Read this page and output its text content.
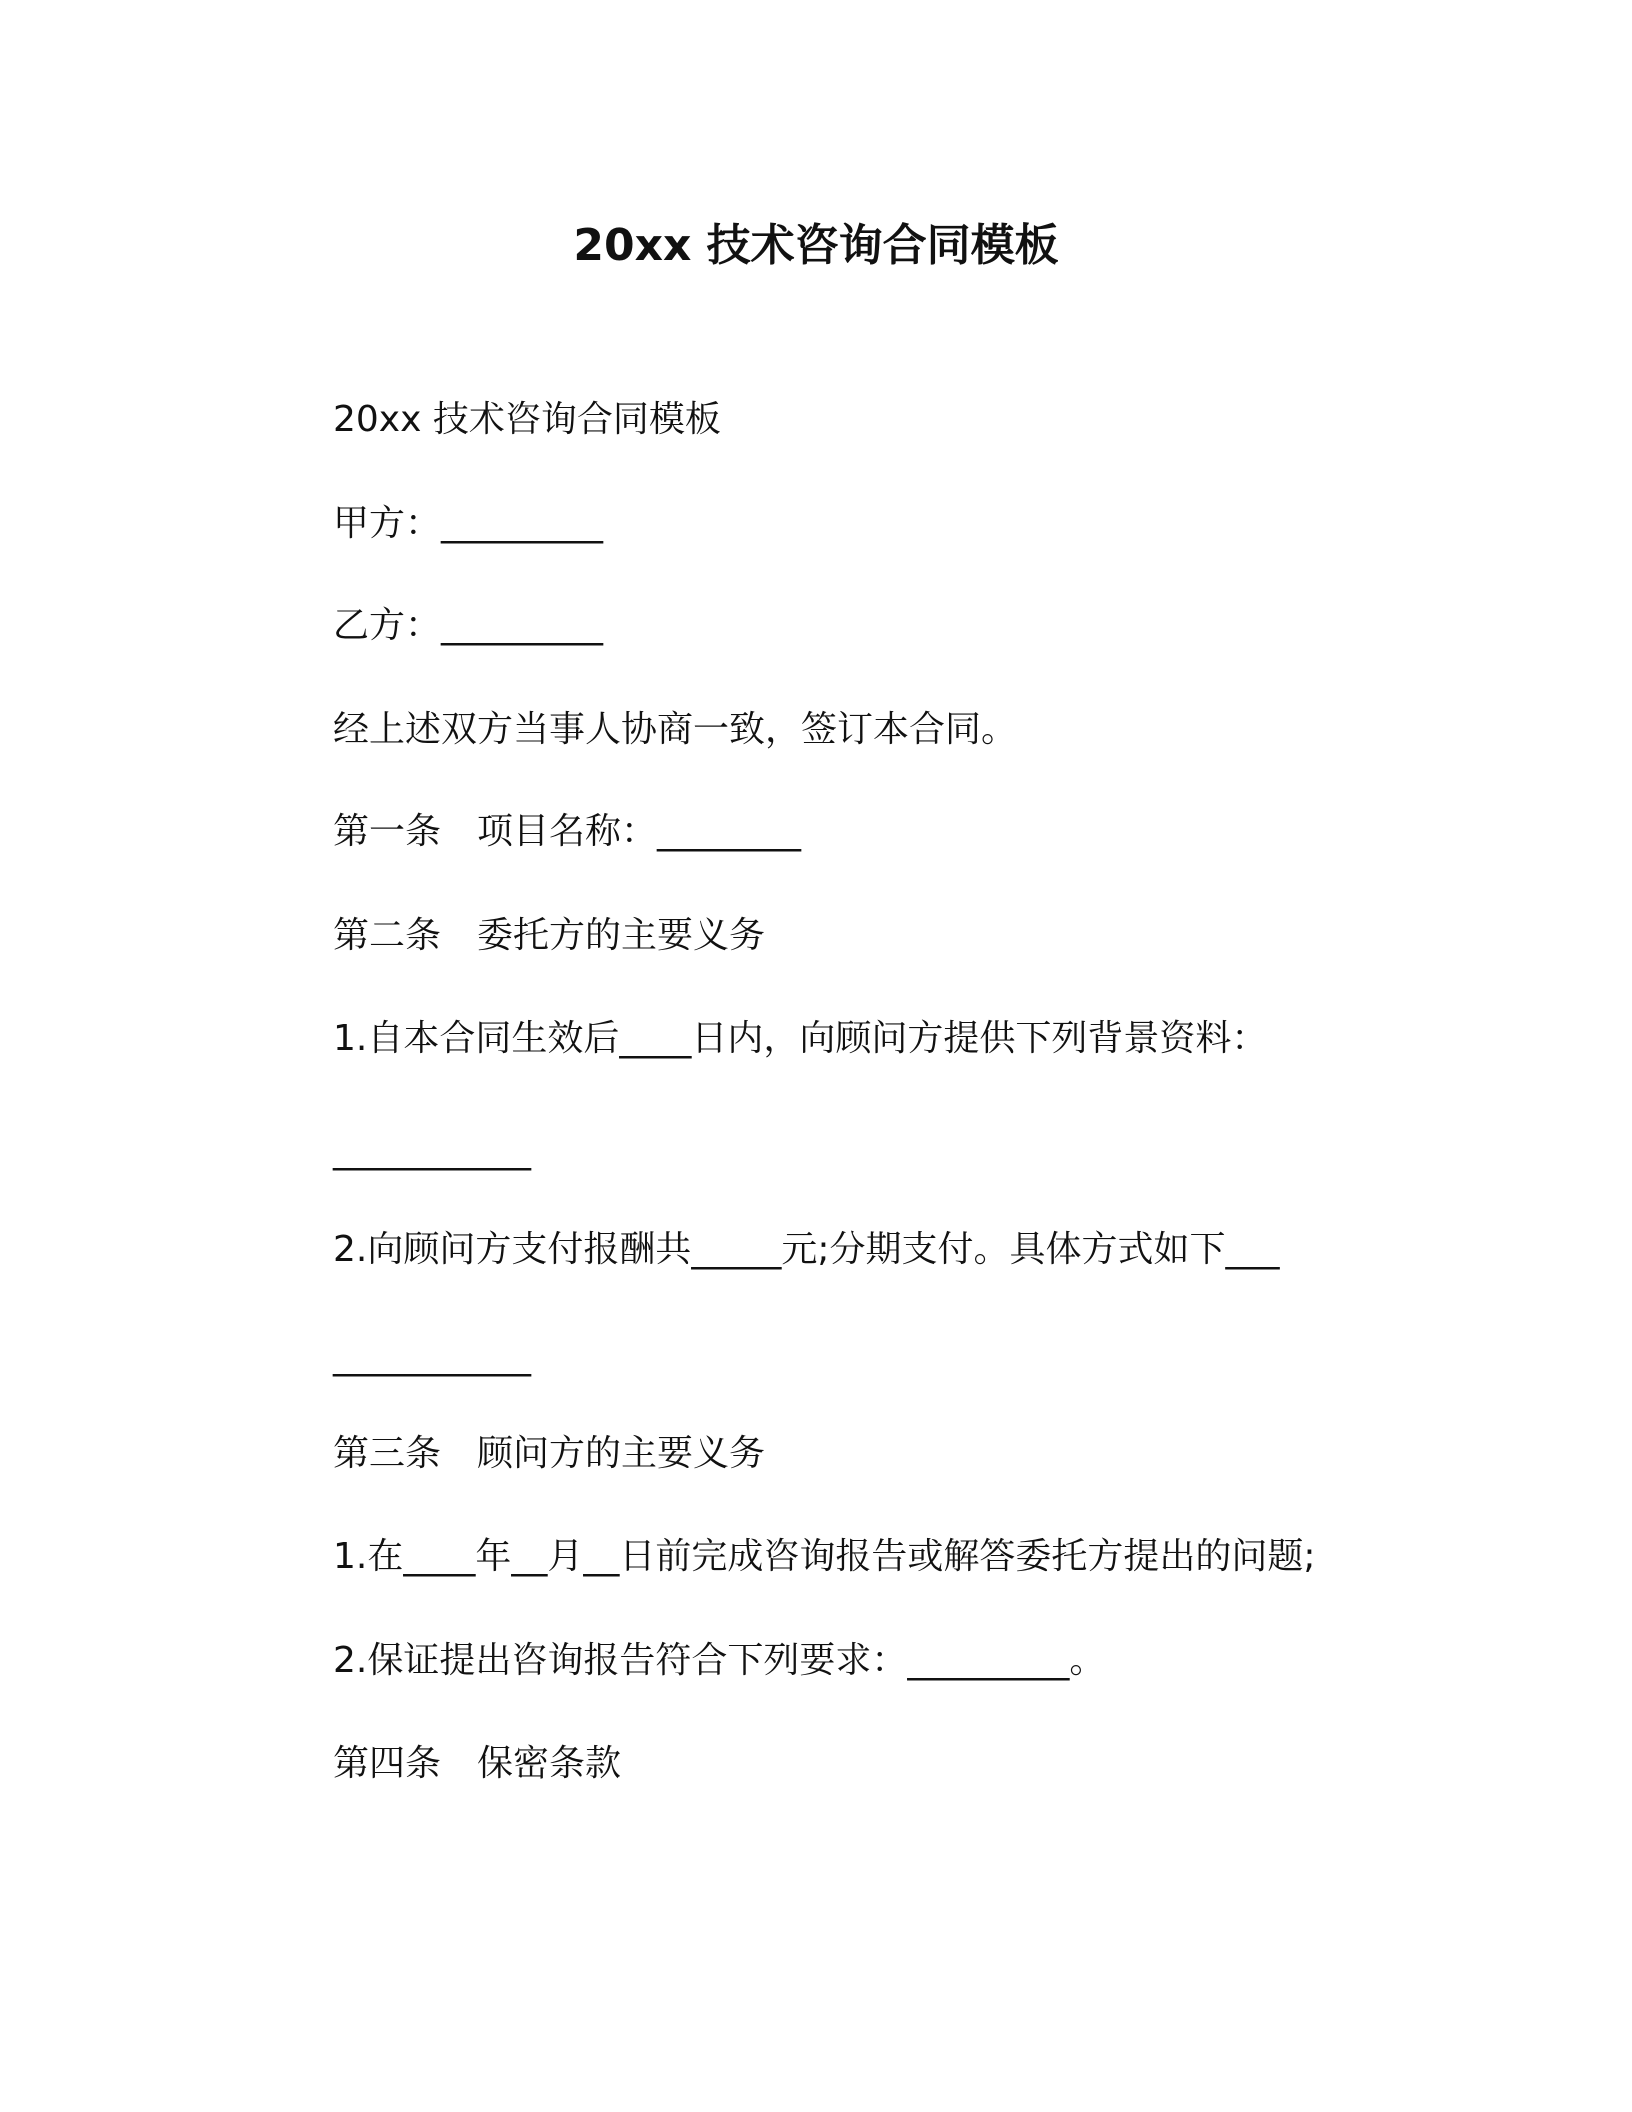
20xx 技术咨询合同模板
20xx 技术咨询合同模板
甲方：_________
乙方：_________
经上述双方当事人协商一致，签订本合同。
第一条　项目名称：________
第二条　委托方的主要义务
1.自本合同生效后____日内，向顾问方提供下列背景资料：
___________
2.向顾问方支付报酬共_____元;分期支付。具体方式如下___
___________
第三条　顾问方的主要义务
1.在____年__月__日前完成咨询报告或解答委托方提出的问题;
2.保证提出咨询报告符合下列要求：_________。
第四条　保密条款
